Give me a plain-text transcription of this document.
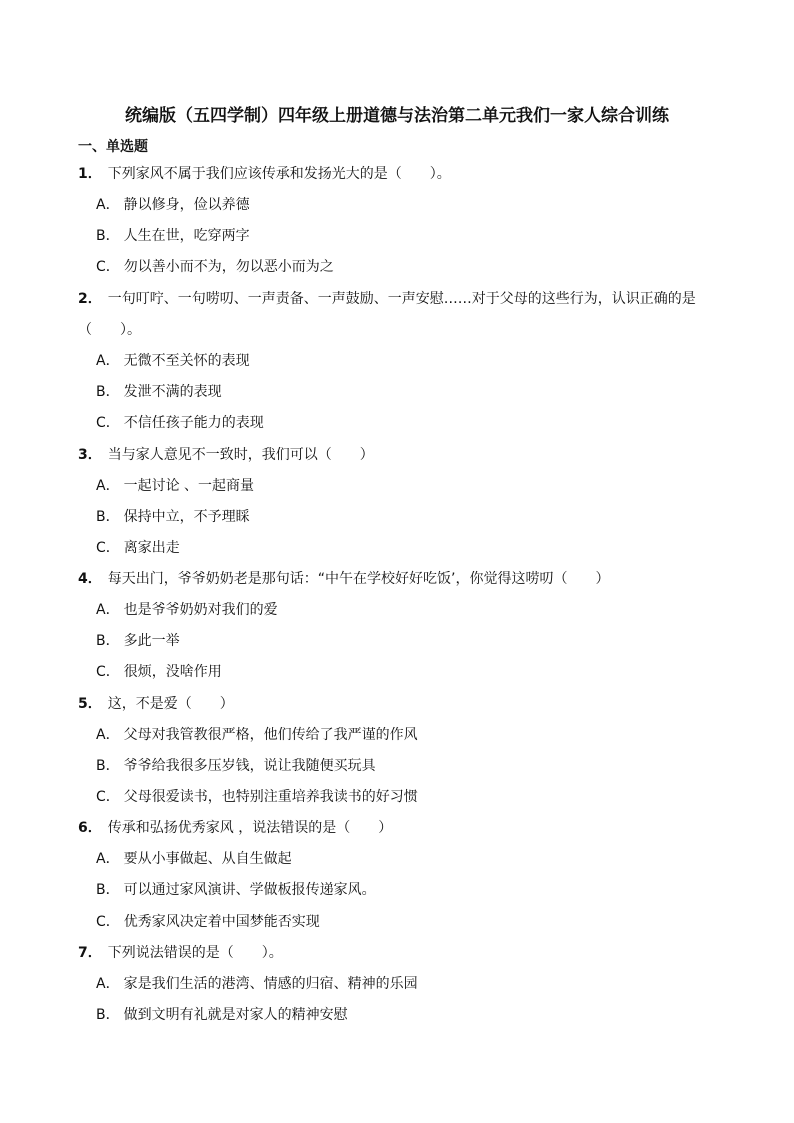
统编版（五四学制）四年级上册道德与法治第二单元我们一家人综合训练
一、单选题
1． 下列家风不属于我们应该传承和发扬光大的是（　　）。
A． 静以修身，俭以养德
B． 人生在世，吃穿两字
C． 勿以善小而不为，勿以恶小而为之
2． 一句叮咛、一句唠叨、一声责备、一声鼓励、一声安慰……对于父母的这些行为，认识正确的是
（　　）。
A． 无微不至关怀的表现
B． 发泄不满的表现
C． 不信任孩子能力的表现
3． 当与家人意见不一致时，我们可以（　　）
A． 一起讨论 、一起商量
B． 保持中立，不予理睬
C． 离家出走
4． 每天出门，爷爷奶奶老是那句话：“中午在学校好好吃饭’，你觉得这唠叨（　　）
A． 也是爷爷奶奶对我们的爱
B． 多此一举
C． 很烦，没啥作用
5． 这，不是爱（　　）
A． 父母对我管教很严格，他们传给了我严谨的作风
B． 爷爷给我很多压岁钱，说让我随便买玩具
C． 父母很爱读书，也特别注重培养我读书的好习惯
6． 传承和弘扬优秀家风 ，说法错误的是（　　）
A． 要从小事做起、从自生做起
B． 可以通过家风演讲、学做板报传递家风。
C． 优秀家风决定着中国梦能否实现
7． 下列说法错误的是（　　）。
A． 家是我们生活的港湾、情感的归宿、精神的乐园
B． 做到文明有礼就是对家人的精神安慰
